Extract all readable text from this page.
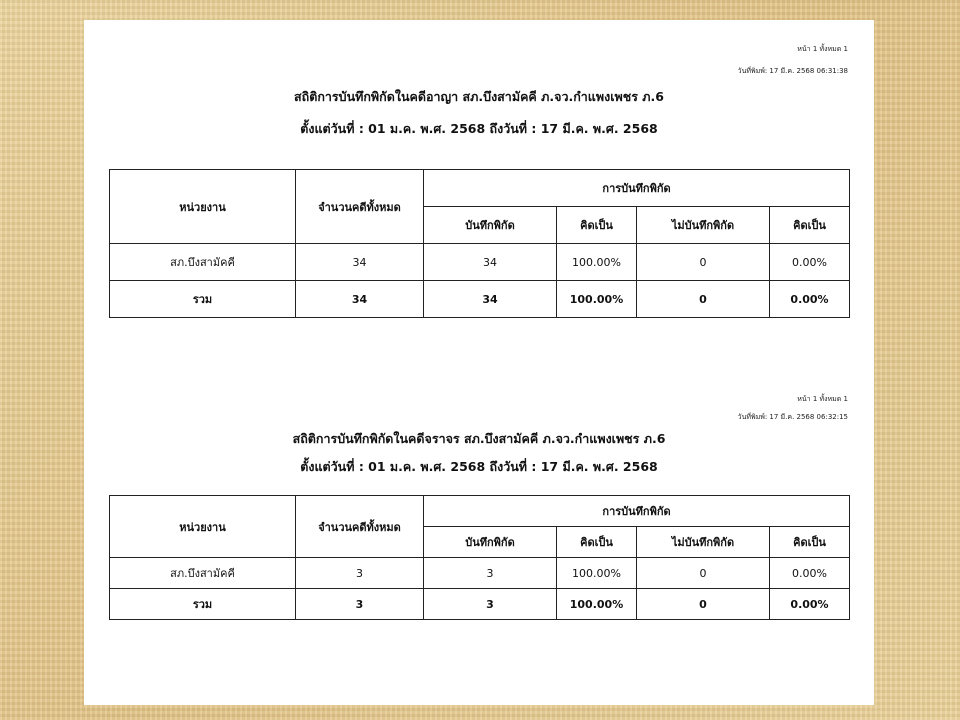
หน้า 1 ทั้งหมด 1
วันที่พิมพ์: 17 มี.ค. 2568 06:31:38
สถิติการบันทึกพิกัดในคดีอาญา สภ.บึงสามัคคี ภ.จว.กำแพงเพชร ภ.6
ตั้งแต่วันที่ : 01 ม.ค. พ.ศ. 2568 ถึงวันที่ : 17 มี.ค. พ.ศ. 2568
หน่วยงาน	จำนวนคดีทั้งหมด	การบันทึกพิกัด			
		บันทึกพิกัด	คิดเป็น	ไม่บันทึกพิกัด	คิดเป็น
สภ.บึงสามัคคี	34	34	100.00%	0	0.00%
รวม	34	34	100.00%	0	0.00%
หน้า 1 ทั้งหมด 1
วันที่พิมพ์: 17 มี.ค. 2568 06:32:15
สถิติการบันทึกพิกัดในคดีจราจร สภ.บึงสามัคคี ภ.จว.กำแพงเพชร ภ.6
ตั้งแต่วันที่ : 01 ม.ค. พ.ศ. 2568 ถึงวันที่ : 17 มี.ค. พ.ศ. 2568
หน่วยงาน	จำนวนคดีทั้งหมด	การบันทึกพิกัด			
		บันทึกพิกัด	คิดเป็น	ไม่บันทึกพิกัด	คิดเป็น
สภ.บึงสามัคคี	3	3	100.00%	0	0.00%
รวม	3	3	100.00%	0	0.00%
